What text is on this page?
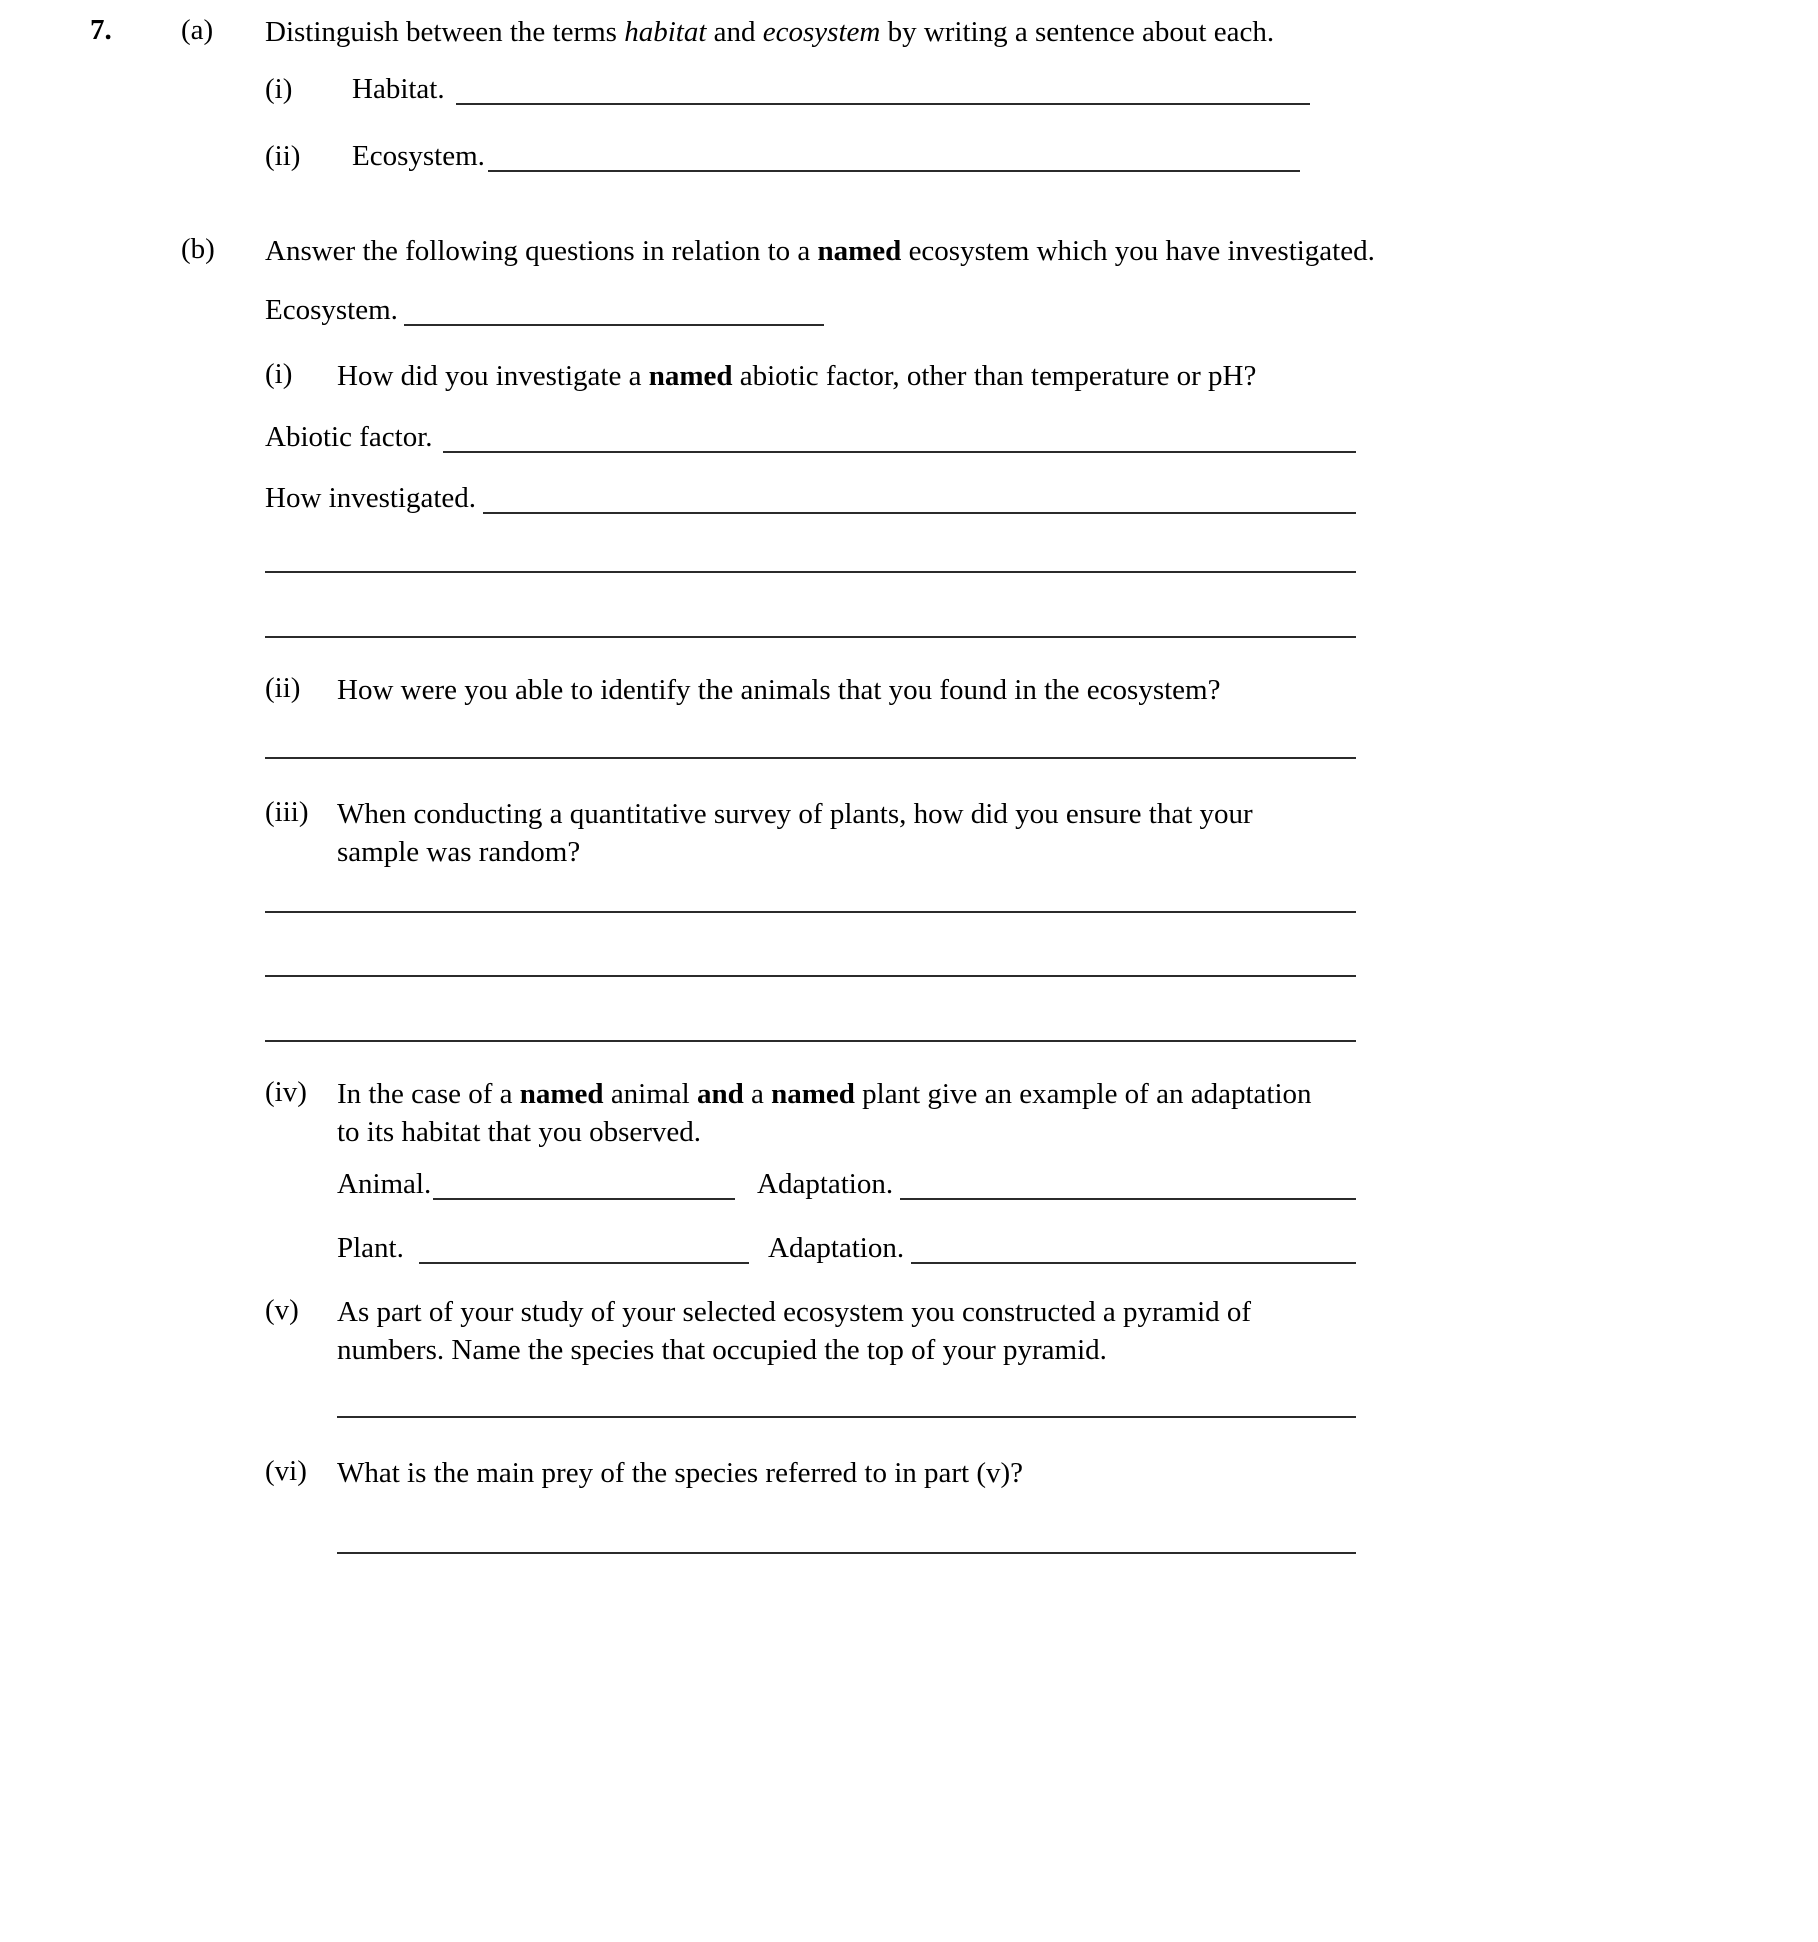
7. (a) Distinguish between the terms habitat and ecosystem by writing a sentence about each.
(i) Habitat.
(ii) Ecosystem.
(b) Answer the following questions in relation to a named ecosystem which you have investigated.
Ecosystem.
(i) How did you investigate a named abiotic factor, other than temperature or pH?
Abiotic factor.
How investigated.
(ii) How were you able to identify the animals that you found in the ecosystem?
(iii) When conducting a quantitative survey of plants, how did you ensure that your sample was random?
(iv) In the case of a named animal and a named plant give an example of an adaptation to its habitat that you observed.
Animal.	Adaptation.
Plant.	Adaptation.
(v) As part of your study of your selected ecosystem you constructed a pyramid of numbers. Name the species that occupied the top of your pyramid.
(vi) What is the main prey of the species referred to in part (v)?
